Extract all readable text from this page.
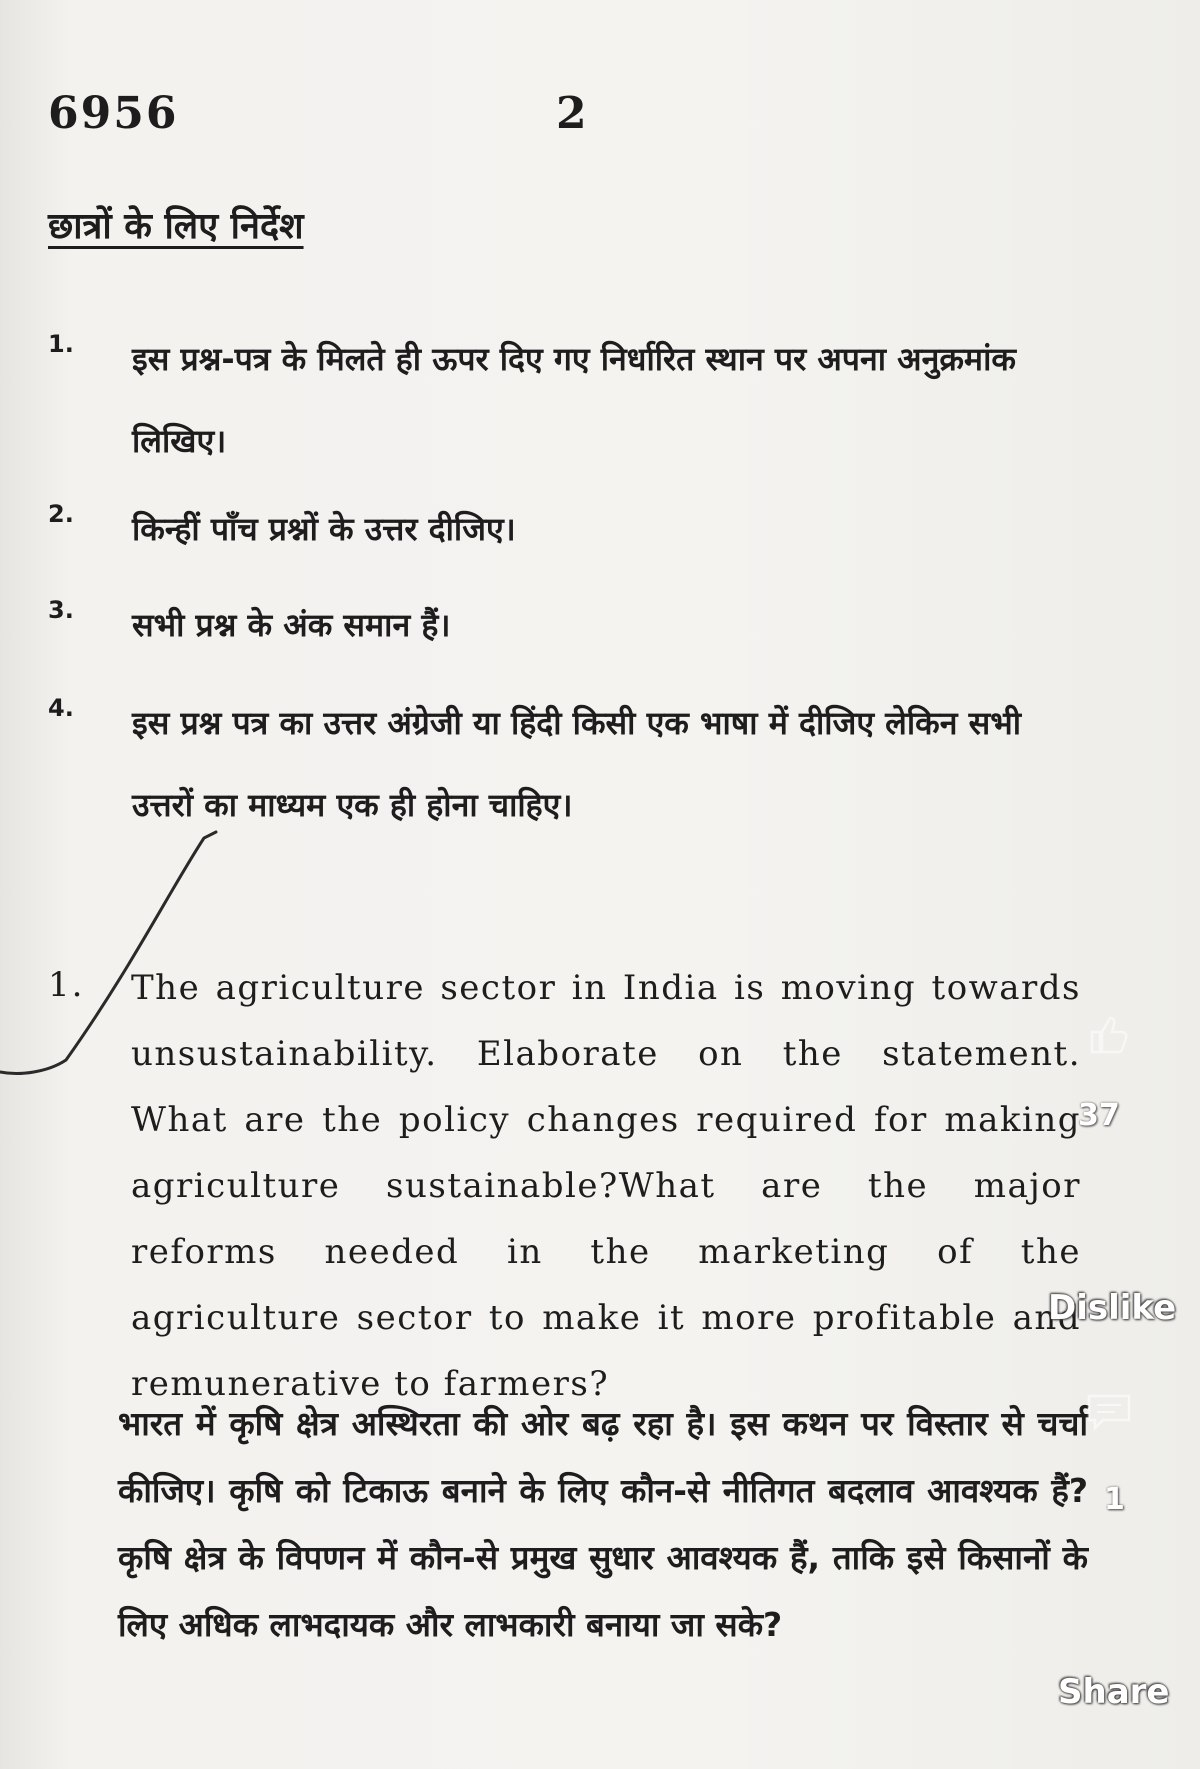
6956	2
छात्रों के लिए निर्देश
1. इस प्रश्न-पत्र के मिलते ही ऊपर दिए गए निर्धारित स्थान पर अपना अनुक्रमांक लिखिए।
2. किन्हीं पाँच प्रश्नों के उत्तर दीजिए।
3. सभी प्रश्न के अंक समान हैं।
4. इस प्रश्न पत्र का उत्तर अंग्रेजी या हिंदी किसी एक भाषा में दीजिए लेकिन सभी उत्तरों का माध्यम एक ही होना चाहिए।
1. The agriculture sector in India is moving towards unsustainability. Elaborate on the statement. What are the policy changes required for making agriculture sustainable?What are the major reforms needed in the marketing of the agriculture sector to make it more profitable and remunerative to farmers?
भारत में कृषि क्षेत्र अस्थिरता की ओर बढ़ रहा है। इस कथन पर विस्तार से चर्चा कीजिए। कृषि को टिकाऊ बनाने के लिए कौन-से नीतिगत बदलाव आवश्यक हैं? कृषि क्षेत्र के विपणन में कौन-से प्रमुख सुधार आवश्यक हैं, ताकि इसे किसानों के लिए अधिक लाभदायक और लाभकारी बनाया जा सके?
37
Dislike
1
Share
